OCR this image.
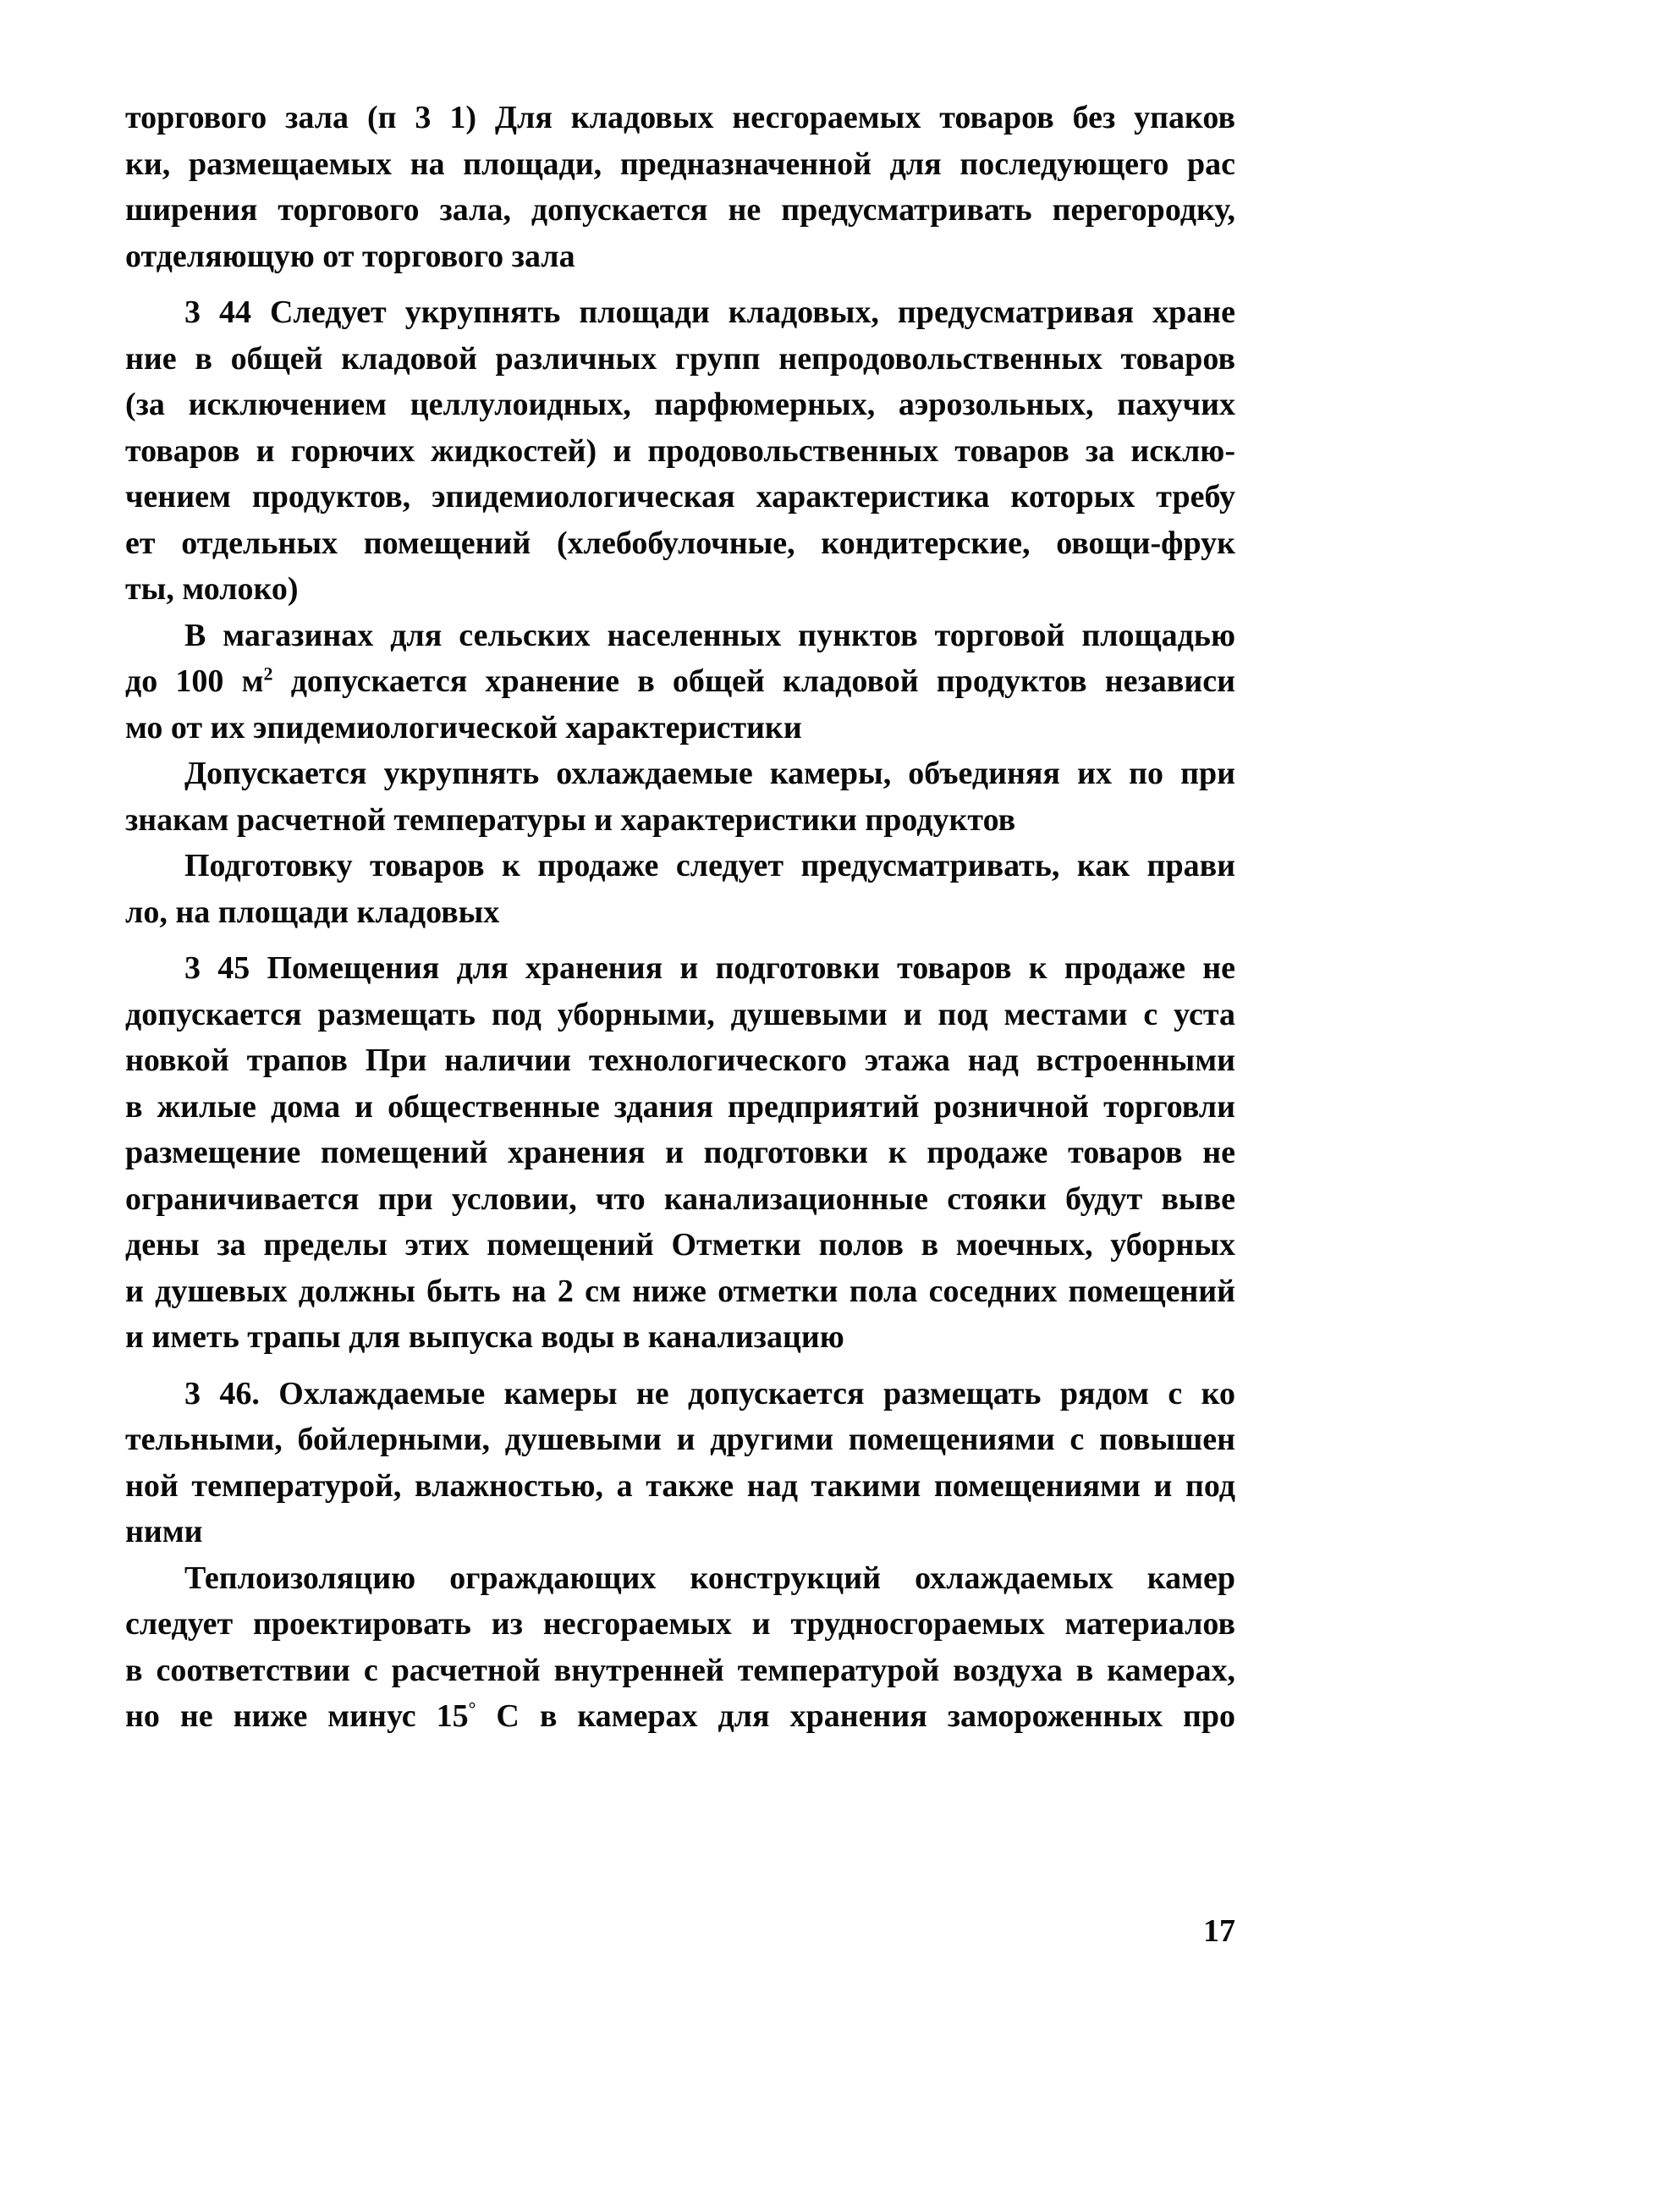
торгового зала (п 3 1) Для кладовых несгораемых товаров без упаков
ки, размещаемых на площади, предназначенной для последующего рас
ширения торгового зала, допускается не предусматривать перегородку,
отделяющую от торгового зала
3 44 Следует укрупнять площади кладовых, предусматривая хране
ние в общей кладовой различных групп непродовольственных товаров
(за исключением целлулоидных, парфюмерных, аэрозольных, пахучих
товаров и горючих жидкостей) и продовольственных товаров за исклю-
чением продуктов, эпидемиологическая характеристика которых требу
ет отдельных помещений (хлебобулочные, кондитерские, овощи-фрук
ты, молоко)
В магазинах для сельских населенных пунктов торговой площадью
до 100 $м^2$ допускается хранение в общей кладовой продуктов независи
мо от их эпидемиологической характеристики
Допускается укрупнять охлаждаемые камеры, объединяя их по при
знакам расчетной температуры и характеристики продуктов
Подготовку товаров к продаже следует предусматривать, как прави
ло, на площади кладовых
3 45 Помещения для хранения и подготовки товаров к продаже не
допускается размещать под уборными, душевыми и под местами с уста
новкой трапов При наличии технологического этажа над встроенными
в жилые дома и общественные здания предприятий розничной торговли
размещение помещений хранения и подготовки к продаже товаров не
ограничивается при условии, что канализационные стояки будут выве
дены за пределы этих помещений Отметки полов в моечных, уборных
и душевых должны быть на 2 см ниже отметки пола соседних помещений
и иметь трапы для выпуска воды в канализацию
3 46. Охлаждаемые камеры не допускается размещать рядом с ко
тельными, бойлерными, душевыми и другими помещениями с повышен
ной температурой, влажностью, а также над такими помещениями и под
ними
Теплоизоляцию ограждающих конструкций охлаждаемых камер
следует проектировать из несгораемых и трудносгораемых материалов
в соответствии с расчетной внутренней температурой воздуха в камерах,
но не ниже минус 15° С в камерах для хранения замороженных про
17
